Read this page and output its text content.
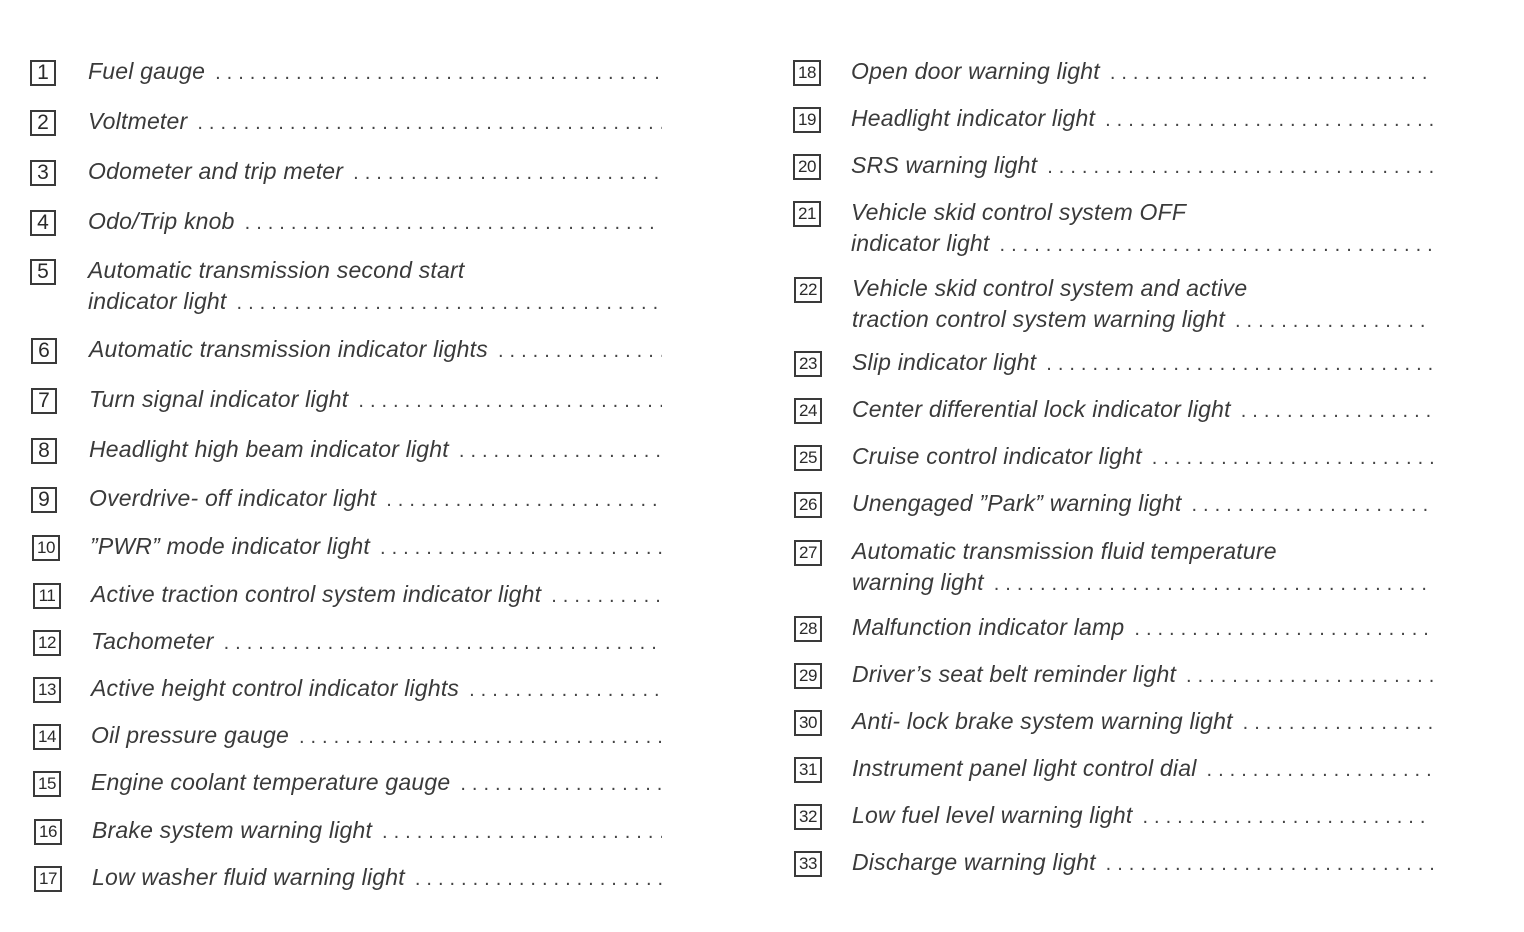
1	Fuel gauge
.....
2	Voltmeter
.....
3	Odometer and trip meter
.....
4	Odo/Trip knob
.....
5	Automatic transmission second start
indicator light
.....
6	Automatic transmission indicator lights
.....
7	Turn signal indicator light
.....
8	Headlight high beam indicator light
.....
9	Overdrive- off indicator light
.....
10 ”PWR” mode indicator light
.....
11 Active traction control system indicator light
.....
12 Tachometer
.....
13 Active height control indicator lights
.....
14 Oil pressure gauge
.....
15 Engine coolant temperature gauge
.....
16 Brake system warning light
.....
17 Low washer fluid warning light
.....
18 Open door warning light
.....
19 Headlight indicator light
.....
20 SRS warning light
.....
21 Vehicle skid control system OFF
indicator light
.....
22 Vehicle skid control system and active
traction control system warning light
.....
23 Slip indicator light
.....
24 Center differential lock indicator light
.....
25 Cruise control indicator light
.....
26 Unengaged ”Park” warning light
.....
27 Automatic transmission fluid temperature
warning light
.....
28 Malfunction indicator lamp
.....
29 Driver’s seat belt reminder light
.....
30 Anti- lock brake system warning light
.....
31 Instrument panel light control dial
.....
32 Low fuel level warning light
.....
33 Discharge warning light
.....
